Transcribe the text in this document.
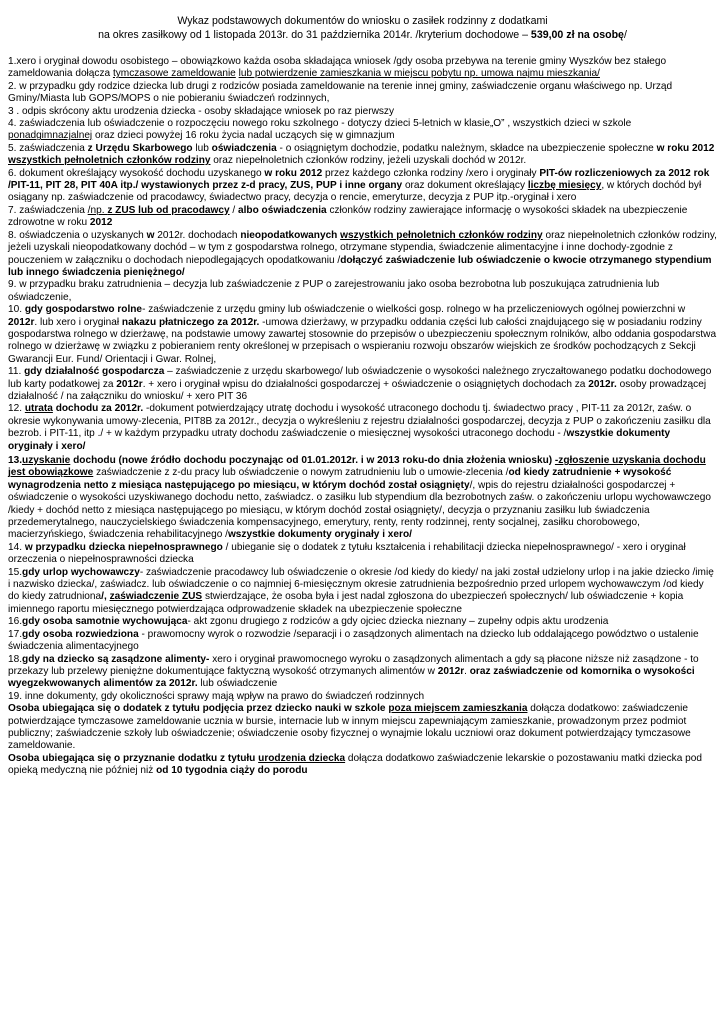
Wykaz podstawowych dokumentów do wniosku o zasiłek rodzinny z dodatkami
na okres zasiłkowy od 1 listopada 2013r. do 31 października 2014r. /kryterium dochodowe – 539,00 zł na osobę/
1.xero i oryginał dowodu osobistego – obowiązkowo każda osoba składająca wniosek /gdy osoba przebywa na terenie gminy Wyszków bez stałego zameldowania dołącza tymczasowe zameldowanie lub potwierdzenie zamieszkania w miejscu pobytu np. umowa najmu mieszkania/
2. w przypadku gdy rodzice dziecka lub drugi z rodziców posiada zameldowanie na terenie innej gminy, zaświadczenie organu właściwego np. Urząd Gminy/Miasta lub GOPS/MOPS o nie pobieraniu świadczeń rodzinnych,
3 . odpis skrócony aktu urodzenia dziecka - osoby składające wniosek po raz pierwszy
4. zaświadczenia lub oświadczenie o rozpoczęciu nowego roku szkolnego - dotyczy dzieci 5-letnich w klasie„O” , wszystkich dzieci w szkole ponadgimnazjalnej oraz dzieci powyżej 16 roku życia nadal uczących się w gimnazjum
5. zaświadczenia z Urzędu Skarbowego lub oświadczenia - o osiągniętym dochodzie, podatku należnym, składce na ubezpieczenie społeczne w roku 2012 wszystkich pełnoletnich członków rodziny oraz niepełnoletnich członków rodziny, jeżeli uzyskali dochód w 2012r.
6. dokument określający wysokość dochodu uzyskanego w roku 2012 przez każdego członka rodziny /xero i oryginały PIT-ów rozliczeniowych za 2012 rok /PIT-11, PIT 28, PIT 40A itp./ wystawionych przez z-d pracy, ZUS, PUP i inne organy oraz dokument określający liczbę miesięcy, w których dochód był osiągany np. zaświadczenie od pracodawcy, świadectwo pracy, decyzja o rencie, emeryturze, decyzja z PUP itp.-oryginał i xero
7. zaświadczenia /np. z ZUS lub od pracodawcy / albo oświadczenia członków rodziny zawierające informację o wysokości składek na ubezpieczenie zdrowotne w roku 2012
8. oświadczenia o uzyskanych w 2012r. dochodach nieopodatkowanych wszystkich pełnoletnich członków rodziny oraz niepełnoletnich członków rodziny, jeżeli uzyskali nieopodatkowany dochód – w tym z gospodarstwa rolnego, otrzymane stypendia, świadczenie alimentacyjne i inne dochody-zgodnie z pouczeniem w załączniku o dochodach niepodlegających opodatkowaniu /dołączyć zaświadczenie lub oświadczenie o kwocie otrzymanego stypendium lub innego świadczenia pieniężnego/
9. w przypadku braku zatrudnienia – decyzja lub zaświadczenie z PUP o zarejestrowaniu jako osoba bezrobotna lub poszukująca zatrudnienia lub oświadczenie,
10. gdy gospodarstwo rolne- zaświadczenie z urzędu gminy lub oświadczenie o wielkości gosp. rolnego w ha przeliczeniowych ogólnej powierzchni w 2012r. lub xero i oryginał nakazu płatniczego za 2012r. -umowa dzierżawy, w przypadku oddania części lub całości znajdującego się w posiadaniu rodziny gospodarstwa rolnego w dzierżawę, na podstawie umowy zawartej stosownie do przepisów o ubezpieczeniu społecznym rolników, albo oddania gospodarstwa rolnego w dzierżawę w związku z pobieraniem renty określonej w przepisach o wspieraniu rozwoju obszarów wiejskich ze środków pochodzących z Sekcji Gwarancji Eur. Fund/ Orientacji i Gwar. Rolnej,
11. gdy działalność gospodarcza – zaświadczenie z urzędu skarbowego/ lub oświadczenie o wysokości należnego zryczałtowanego podatku dochodowego lub karty podatkowej za 2012r. + xero i oryginał wpisu do działalności gospodarczej + oświadczenie o osiągniętych dochodach za 2012r. osoby prowadzącej działalność / na załączniku do wniosku/ + xero PIT 36
12. utrata dochodu za 2012r. -dokument potwierdzający utratę dochodu i wysokość utraconego dochodu tj. świadectwo pracy , PIT-11 za 2012r, zaśw. o okresie wykonywania umowy-zlecenia, PIT8B za 2012r., decyzja o wykreśleniu z rejestru działalności gospodarczej, decyzja z PUP o zakończeniu zasiłku dla bezrob. i PIT-11, itp ./ + w każdym przypadku utraty dochodu zaświadczenie o miesięcznej wysokości utraconego dochodu - /wszystkie dokumenty oryginały i xero/
13.uzyskanie dochodu (nowe źródło dochodu poczynając od 01.01.2012r. i w 2013 roku-do dnia złożenia wniosku) -zgłoszenie uzyskania dochodu jest obowiązkowe zaświadczenie z z-du pracy lub oświadczenie o nowym zatrudnieniu lub o umowie-zlecenia /od kiedy zatrudnienie + wysokość wynagrodzenia netto z miesiąca następującego po miesiącu, w którym dochód został osiągnięty/, wpis do rejestru działalności gospodarczej + oświadczenie o wysokości uzyskiwanego dochodu netto, zaświadcz. o zasiłku lub stypendium dla bezrobotnych zaśw. o zakończeniu urlopu wychowawczego /kiedy + dochód netto z miesiąca następującego po miesiącu, w którym dochód został osiągnięty/, decyzja o przyznaniu zasiłku lub świadczenia przedemerytalnego, nauczycielskiego świadczenia kompensacyjnego, emerytury, renty, renty rodzinnej, renty socjalnej, zasiłku chorobowego, macierzyńskiego, świadczenia rehabilitacyjnego /wszystkie dokumenty oryginały i xero/
14. w przypadku dziecka niepełnosprawnego / ubieganie się o dodatek z tytułu kształcenia i rehabilitacji dziecka niepełnosprawnego/ - xero i oryginał orzeczenia o niepełnosprawności dziecka
15.gdy urlop wychowawczy- zaświadczenie pracodawcy lub oświadczenie o okresie /od kiedy do kiedy/ na jaki został udzielony urlop i na jakie dziecko /imię i nazwisko dziecka/, zaświadcz. lub oświadczenie o co najmniej 6-miesięcznym okresie zatrudnienia bezpośrednio przed urlopem wychowawczym /od kiedy do kiedy zatrudniona/, zaświadczenie ZUS stwierdzające, że osoba była i jest nadal zgłoszona do ubezpieczeń społecznych/ lub oświadczenie + kopia imiennego raportu miesięcznego potwierdzająca odprowadzenie składek na ubezpieczenie społeczne
16.gdy osoba samotnie wychowująca- akt zgonu drugiego z rodziców a gdy ojciec dziecka nieznany – zupełny odpis aktu urodzenia
17.gdy osoba rozwiedziona - prawomocny wyrok o rozwodzie /separacji i o zasądzonych alimentach na dziecko lub oddalającego powództwo o ustalenie świadczenia alimentacyjnego
18.gdy na dziecko są zasądzone alimenty- xero i oryginał prawomocnego wyroku o zasądzonych alimentach a gdy są płacone niższe niż zasądzone - to przekazy lub przelewy pieniężne dokumentujące faktyczną wysokość otrzymanych alimentów w 2012r. oraz zaświadczenie od komornika o wysokości wyegzekwowanych alimentów za 2012r. lub oświadczenie
19. inne dokumenty, gdy okoliczności sprawy mają wpływ na prawo do świadczeń rodzinnych
Osoba ubiegająca się o dodatek z tytułu podjęcia przez dziecko nauki w szkole poza miejscem zamieszkania dołącza dodatkowo: zaświadczenie potwierdzające tymczasowe zameldowanie ucznia w bursie, internacie lub w innym miejscu zapewniającym zamieszkanie, prowadzonym przez podmiot publiczny; zaświadczenie szkoły lub oświadczenie; oświadczenie osoby fizycznej o wynajmie lokalu uczniowi oraz dokument potwierdzający tymczasowe zameldowanie.
Osoba ubiegająca się o przyznanie dodatku z tytułu urodzenia dziecka dołącza dodatkowo zaświadczenie lekarskie o pozostawaniu matki dziecka pod opieką medyczną nie później niż od 10 tygodnia ciąży do porodu
